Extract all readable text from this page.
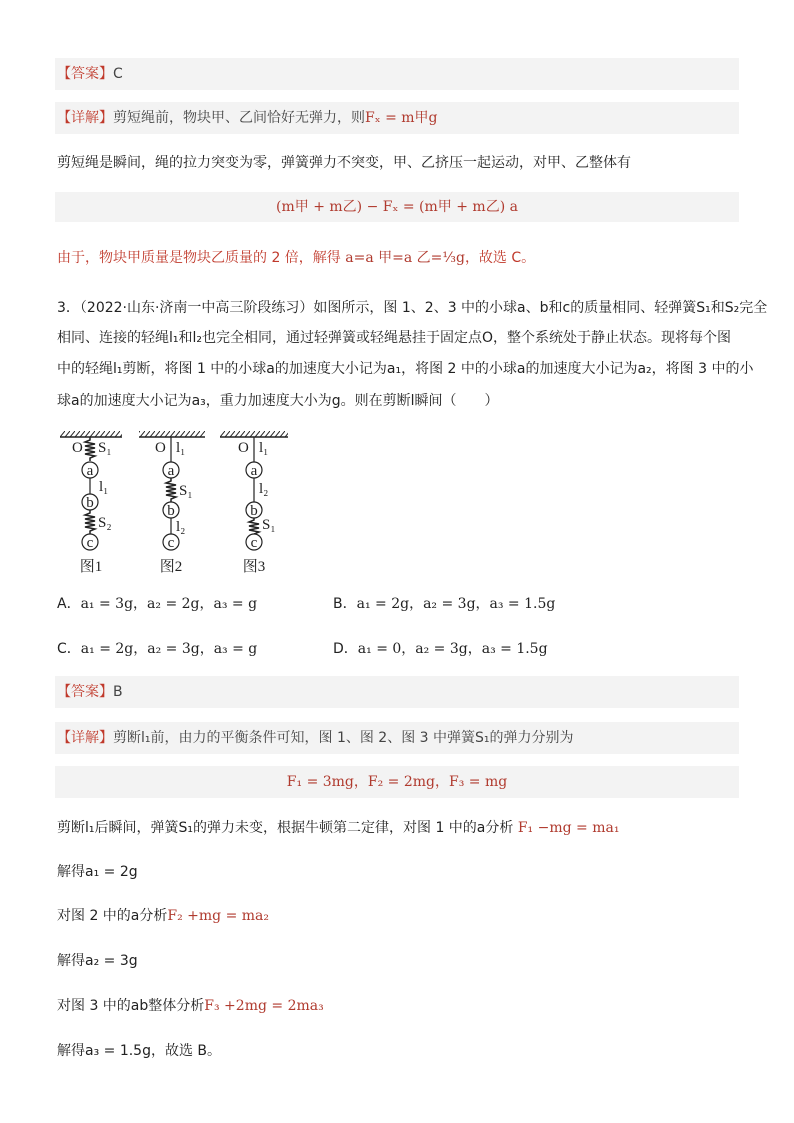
【答案】C
【详解】剪短绳前，物块甲、乙间恰好无弹力，则Fₓ = m甲g
剪短绳是瞬间，绳的拉力突变为零，弹簧弹力不突变，甲、乙挤压一起运动，对甲、乙整体有
(m甲 + m乙) − Fₓ = (m甲 + m乙) a
由于，物块甲质量是物块乙质量的 2 倍，解得 a=a 甲=a 乙=⅓g，故选 C。
3．（2022·山东·济南一中高三阶段练习）如图所示，图 1、2、3 中的小球a、b和c的质量相同、轻弹簧S₁和S₂完全
相同、连接的轻绳l₁和l₂也完全相同，通过轻弹簧或轻绳悬挂于固定点O，整个系统处于静止状态。现将每个图
中的轻绳l₁剪断，将图 1 中的小球a的加速度大小记为a₁，将图 2 中的小球a的加速度大小记为a₂，将图 3 中的小
球a的加速度大小记为a₃，重力加速度大小为g。则在剪断l瞬间（　　）
O S₁
a
l₁
b
S₂
c
图1
O l₁
a
S₁
b
l₂
c
图2
O l₁
a
l₂
b
S₁
c
图3
A．a₁ = 3g，a₂ = 2g，a₃ = g	B．a₁ = 2g，a₂ = 3g，a₃ = 1.5g
C．a₁ = 2g，a₂ = 3g，a₃ = g	D．a₁ = 0，a₂ = 3g，a₃ = 1.5g
【答案】B
【详解】剪断l₁前，由力的平衡条件可知，图 1、图 2、图 3 中弹簧S₁的弹力分别为
F₁ = 3mg，F₂ = 2mg，F₃ = mg
剪断l₁后瞬间，弹簧S₁的弹力未变，根据牛顿第二定律，对图 1 中的a分析 F₁ −mg = ma₁
解得a₁ = 2g
对图 2 中的a分析F₂ +mg = ma₂
解得a₂ = 3g
对图 3 中的ab整体分析F₃ +2mg = 2ma₃
解得a₃ = 1.5g，故选 B。
